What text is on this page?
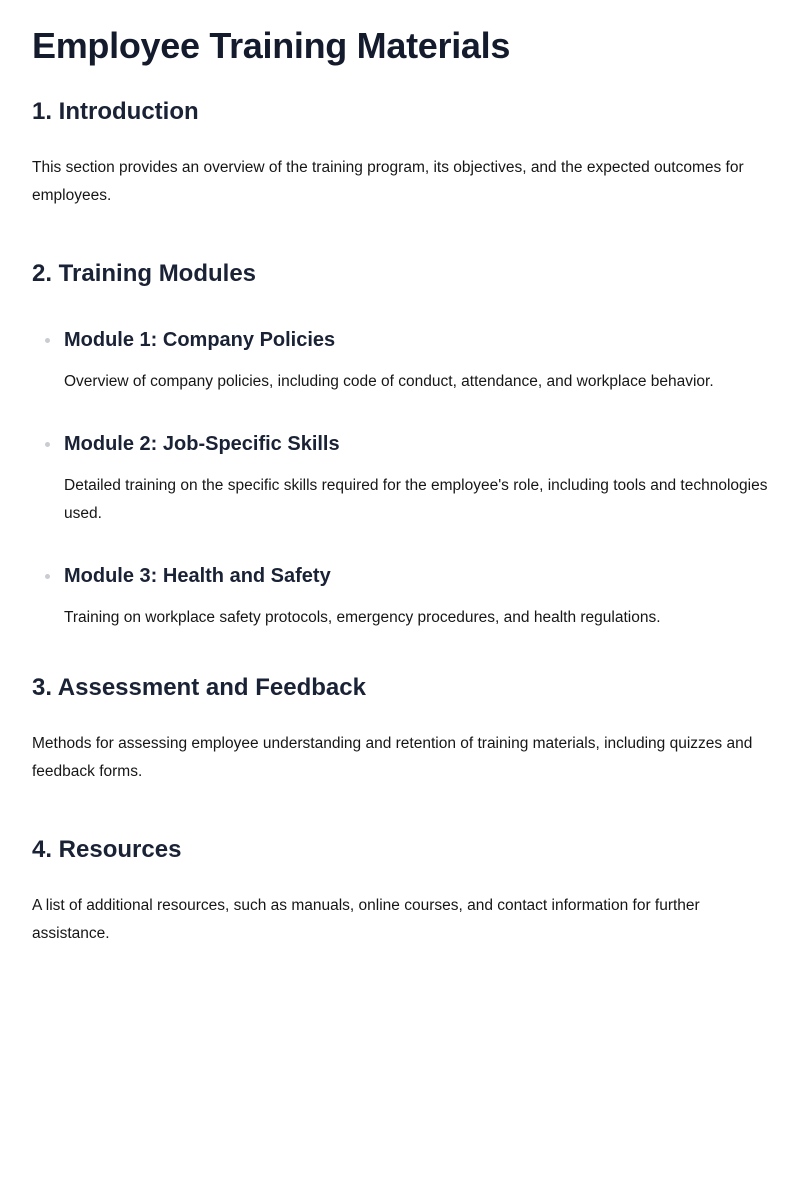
Employee Training Materials
1. Introduction

This section provides an overview of the training program, its objectives, and the expected outcomes for employees.

2. Training Modules
Module 1: Company Policies

Overview of company policies, including code of conduct, attendance, and workplace behavior.

Module 2: Job-Specific Skills

Detailed training on the specific skills required for the employee's role, including tools and technologies used.

Module 3: Health and Safety

Training on workplace safety protocols, emergency procedures, and health regulations.

3. Assessment and Feedback

Methods for assessing employee understanding and retention of training materials, including quizzes and feedback forms.

4. Resources

A list of additional resources, such as manuals, online courses, and contact information for further assistance.
